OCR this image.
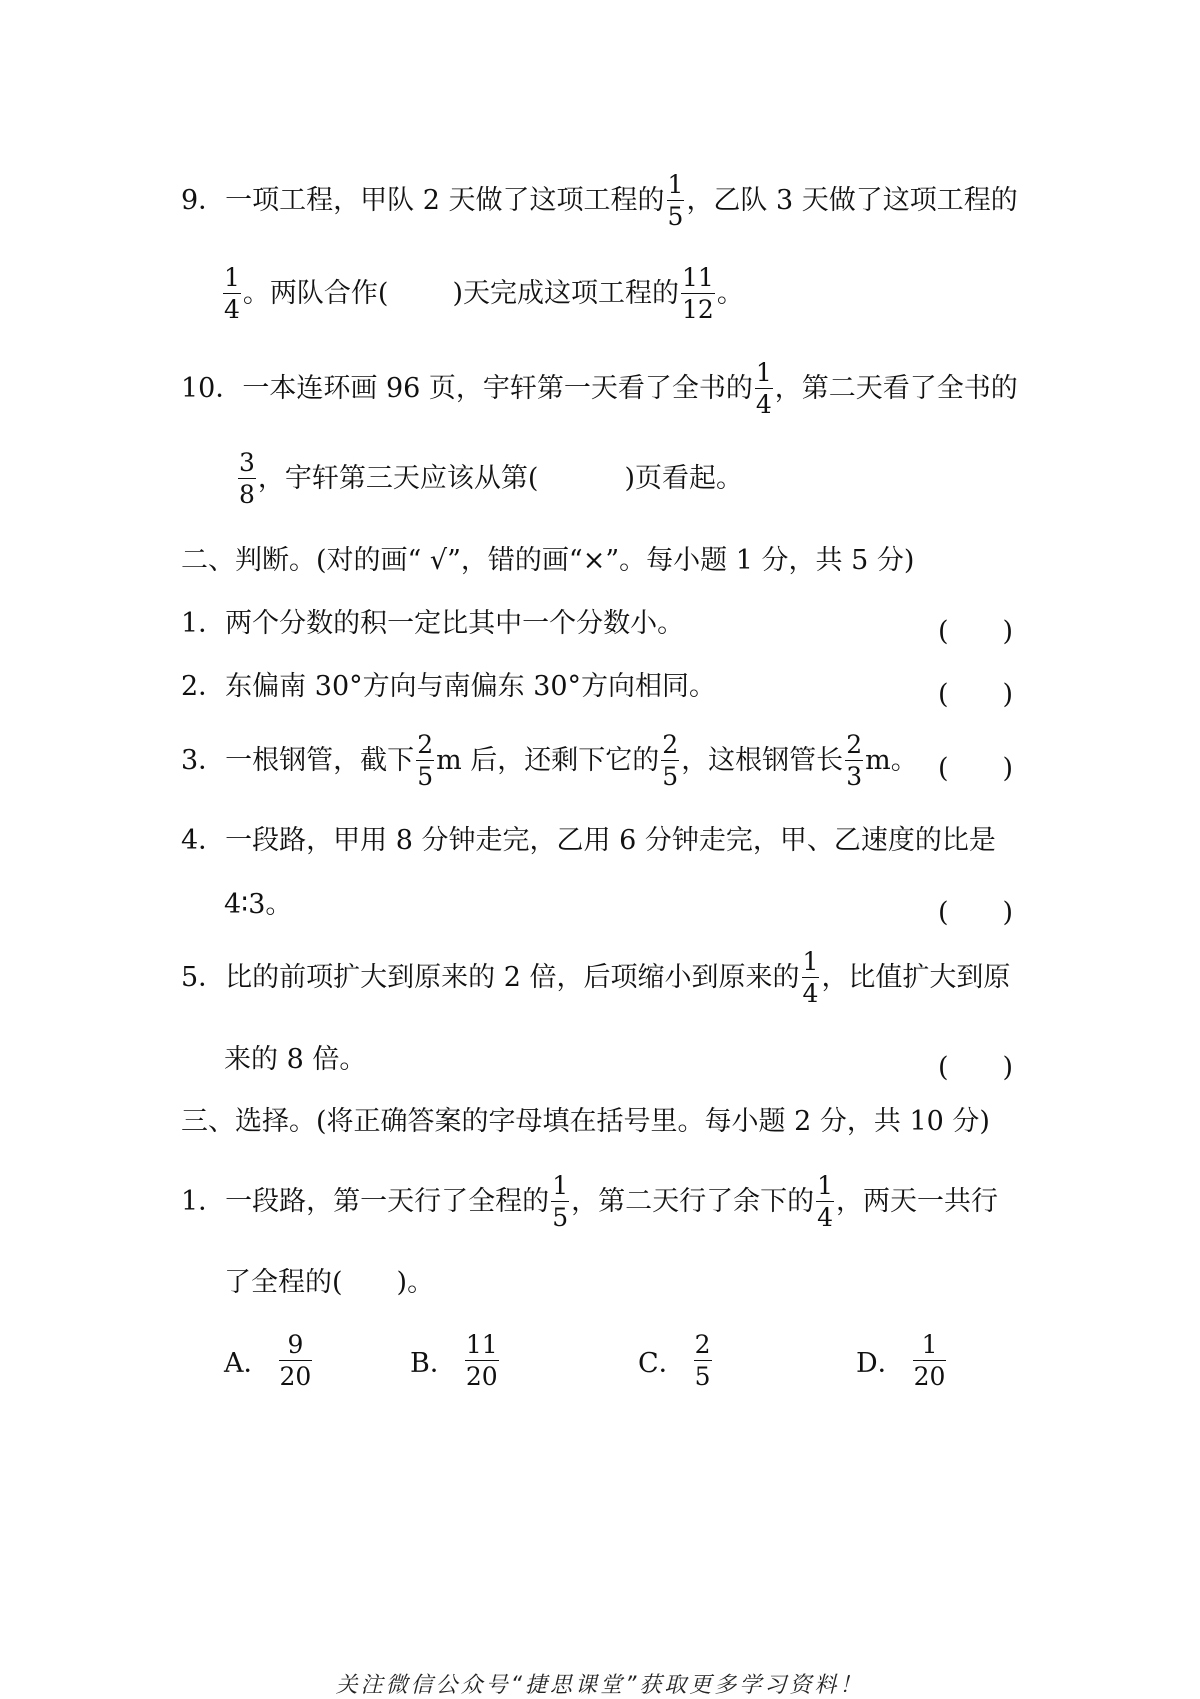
9．一项工程，甲队 2 天做了这项工程的 $\frac{1}{5}$ ，乙队 3 天做了这项工程的
$\frac{1}{4}$ 。两队合作( )天完成这项工程的 $\frac{11}{12}$ 。
10．一本连环画 96 页，宇轩第一天看了全书的 $\frac{1}{4}$ ，第二天看了全书的
$\frac{3}{8}$ ，宇轩第三天应该从第(	)页看起。
二、判断。(对的画“ √”，错的画“×”。每小题 1 分，共 5 分)
1．两个分数的积一定比其中一个分数小。	(　　)
2．东偏南 30°方向与南偏东 30°方向相同。	(　　)
3．一根钢管，截下 $\frac{2}{5}$ m 后，还剩下它的 $\frac{2}{5}$ ，这根钢管长 $\frac{2}{3}$ m。 (　　)
4．一段路，甲用 8 分钟走完，乙用 6 分钟走完，甲、乙速度的比是
4∶3。	(　　)
5．比的前项扩大到原来的 2 倍，后项缩小到原来的 $\frac{1}{4}$ ，比值扩大到原
来的 8 倍。	(　　)
三、选择。(将正确答案的字母填在括号里。每小题 2 分，共 10 分)
1．一段路，第一天行了全程的 $\frac{1}{5}$ ，第二天行了余下的 $\frac{1}{4}$ ，两天一共行
了全程的(　　)。
A． $\frac{9}{20}$	B． $\frac{11}{20}$	C． $\frac{2}{5}$	D． $\frac{1}{20}$
关注微信公众号“捷思课堂”获取更多学习资料！
